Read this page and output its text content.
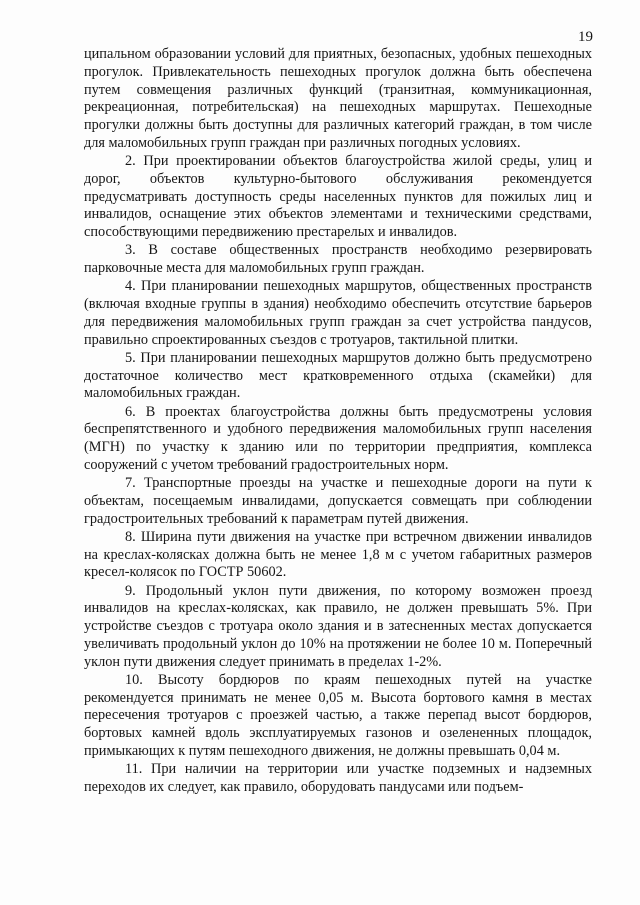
19

ципальном образовании условий для приятных, безопасных, удобных пешеходных прогулок. Привлекательность пешеходных прогулок должна быть обеспечена путем совмещения различных функций (транзитная, коммуникационная, рекреационная, потребительская) на пешеходных маршрутах. Пешеходные прогулки должны быть доступны для различных категорий граждан, в том числе для маломобильных групп граждан при различных погодных условиях.

2. При проектировании объектов благоустройства жилой среды, улиц и дорог, объектов культурно-бытового обслуживания рекомендуется предусматривать доступность среды населенных пунктов для пожилых лиц и инвалидов, оснащение этих объектов элементами и техническими средствами, способствующими передвижению престарелых и инвалидов.

3. В составе общественных пространств необходимо резервировать парковочные места для маломобильных групп граждан.

4. При планировании пешеходных маршрутов, общественных пространств (включая входные группы в здания) необходимо обеспечить отсутствие барьеров для передвижения маломобильных групп граждан за счет устройства пандусов, правильно спроектированных съездов с тротуаров, тактильной плитки.

5. При планировании пешеходных маршрутов должно быть предусмотрено достаточное количество мест кратковременного отдыха (скамейки) для маломобильных граждан.

6. В проектах благоустройства должны быть предусмотрены условия беспрепятственного и удобного передвижения маломобильных групп населения (МГН) по участку к зданию или по территории предприятия, комплекса сооружений с учетом требований градостроительных норм.

7. Транспортные проезды на участке и пешеходные дороги на пути к объектам, посещаемым инвалидами, допускается совмещать при соблюдении градостроительных требований к параметрам путей движения.

8. Ширина пути движения на участке при встречном движении инвалидов на креслах-колясках должна быть не менее 1,8 м с учетом габаритных размеров кресел-колясок по ГОСТР 50602.

9. Продольный уклон пути движения, по которому возможен проезд инвалидов на креслах-колясках, как правило, не должен превышать 5%. При устройстве съездов с тротуара около здания и в затесненных местах допускается увеличивать продольный уклон до 10% на протяжении не более 10 м. Поперечный уклон пути движения следует принимать в пределах 1-2%.

10. Высоту бордюров по краям пешеходных путей на участке рекомендуется принимать не менее 0,05 м. Высота бортового камня в местах пересечения тротуаров с проезжей частью, а также перепад высот бордюров, бортовых камней вдоль эксплуатируемых газонов и озелененных площадок, примыкающих к путям пешеходного движения, не должны превышать 0,04 м.

11. При наличии на территории или участке подземных и надземных переходов их следует, как правило, оборудовать пандусами или подъем-
